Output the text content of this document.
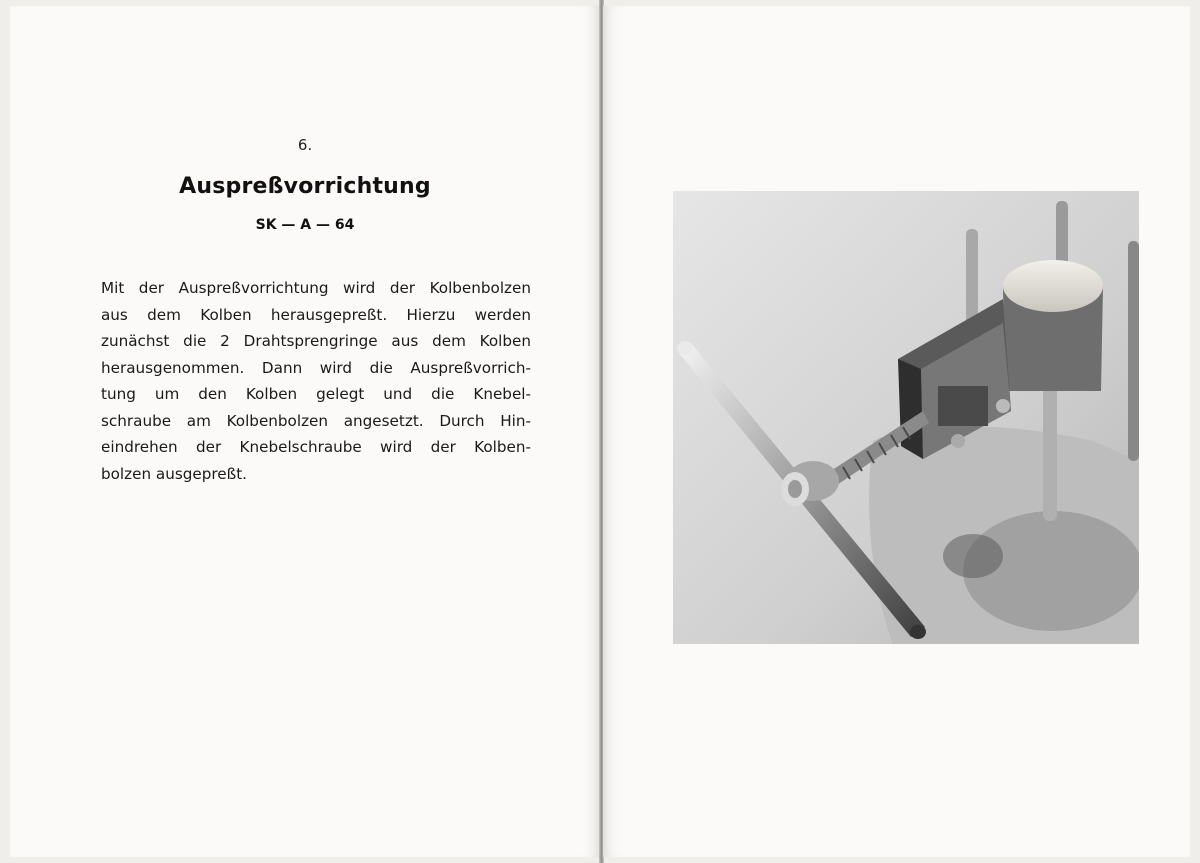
6.
Auspreßvorrichtung
SK — A — 64
Mit der Auspreßvorrichtung wird der Kolbenbolzen
aus dem Kolben herausgepreßt. Hierzu werden
zunächst die 2 Drahtsprengringe aus dem Kolben
herausgenommen. Dann wird die Auspreßvorrich-
tung um den Kolben gelegt und die Knebel-
schraube am Kolbenbolzen angesetzt. Durch Hin-
eindrehen der Knebelschraube wird der Kolben-
bolzen ausgepreßt.
